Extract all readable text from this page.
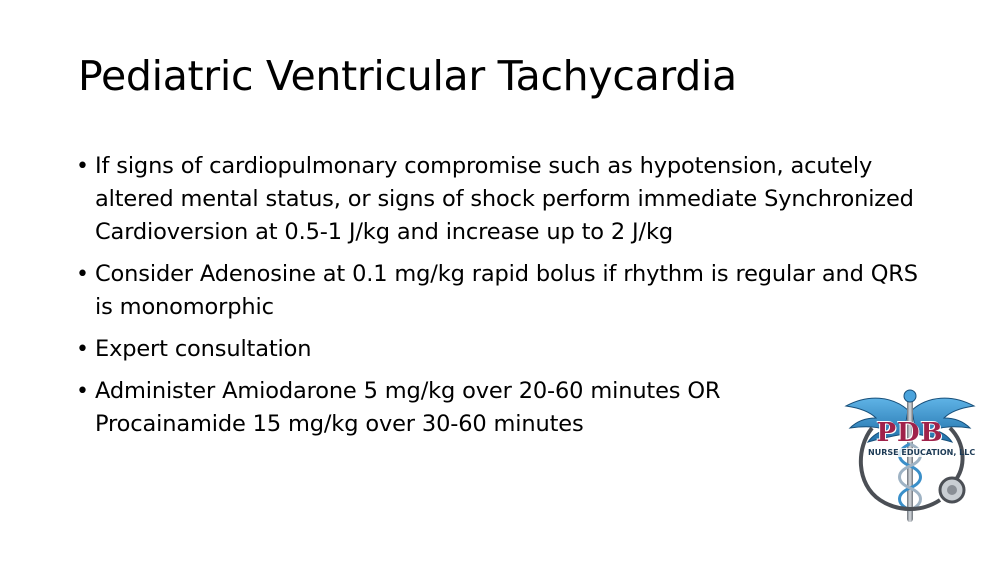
Pediatric Ventricular Tachycardia
• If signs of cardiopulmonary compromise such as hypotension, acutely altered mental status, or signs of shock perform immediate Synchronized Cardioversion at 0.5-1 J/kg and increase up to 2 J/kg
• Consider Adenosine at 0.1 mg/kg rapid bolus if rhythm is regular and QRS is monomorphic
• Expert consultation
• Administer Amiodarone 5 mg/kg over 20-60 minutes OR Procainamide 15 mg/kg over 30-60 minutes	PDB
NURSE EDUCATION, LLC
